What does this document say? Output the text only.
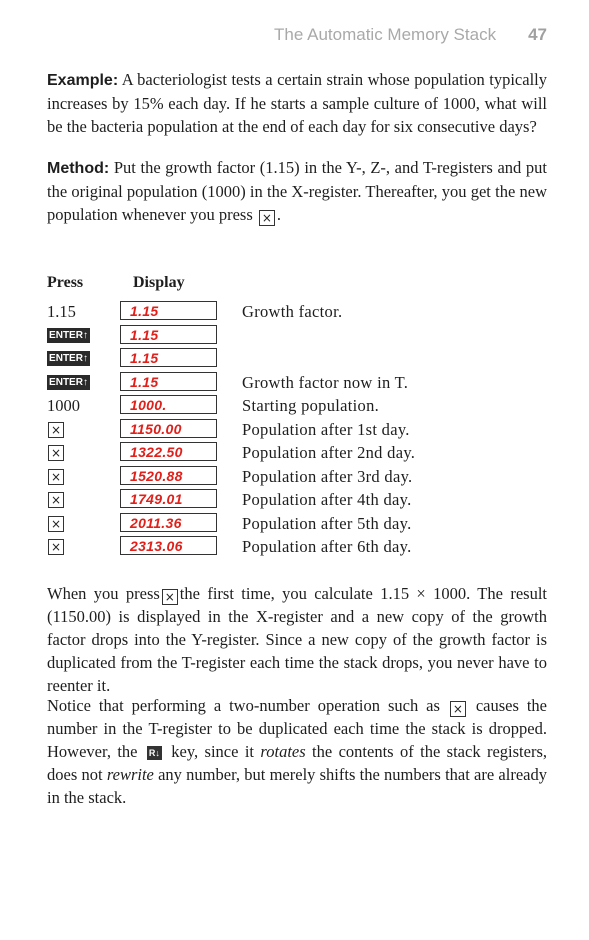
The Automatic Memory Stack 47

Example: A bacteriologist tests a certain strain whose population typically increases by 15% each day. If he starts a sample culture of 1000, what will be the bacteria population at the end of each day for six consecutive days?

Method: Put the growth factor (1.15) in the Y-, Z-, and T-registers and put the original population (1000) in the X-register. Thereafter, you get the new population whenever you press × .

Press	Display
1.15	1.15	Growth factor.
ENTER↑	1.15
ENTER↑	1.15
ENTER↑	1.15	Growth factor now in T.
1000	1000.	Starting population.
×	1150.00	Population after 1st day.
×	1322.50	Population after 2nd day.
×	1520.88	Population after 3rd day.
×	1749.01	Population after 4th day.
×	2011.36	Population after 5th day.
×	2313.06	Population after 6th day.

When you press × the first time, you calculate 1.15 × 1000. The result (1150.00) is displayed in the X-register and a new copy of the growth factor drops into the Y-register. Since a new copy of the growth factor is duplicated from the T-register each time the stack drops, you never have to reenter it.

Notice that performing a two-number operation such as × causes the number in the T-register to be duplicated each time the stack is dropped. However, the R↓ key, since it rotates the contents of the stack registers, does not rewrite any number, but merely shifts the numbers that are already in the stack.
